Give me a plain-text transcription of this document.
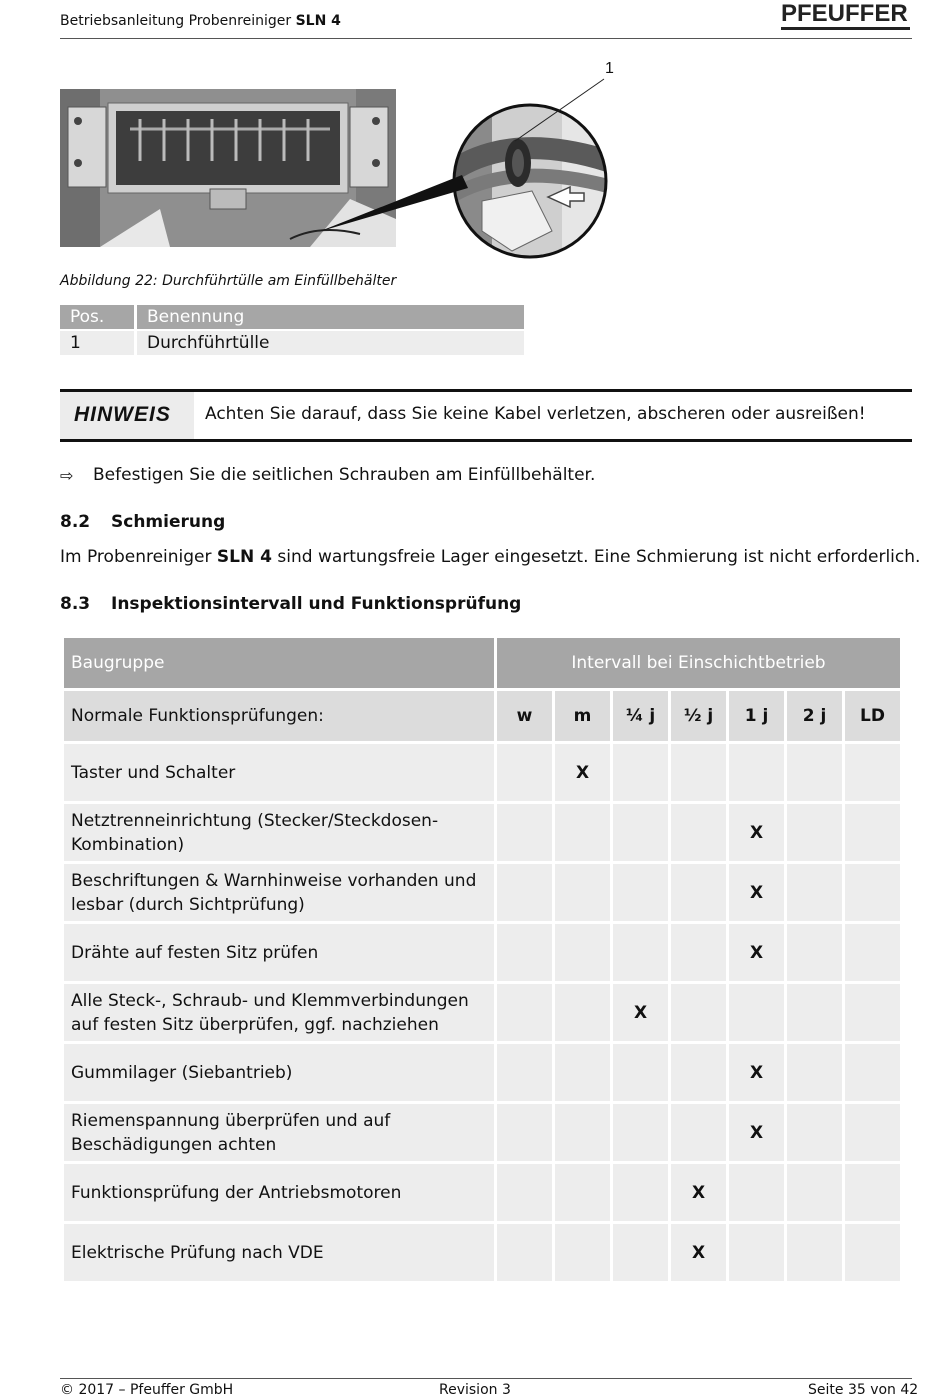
Betriebsanleitung Probenreiniger SLN 4	PFEUFFER
1
Abbildung 22: Durchführtülle am Einfüllbehälter
Pos.	Benennung
1	Durchführtülle
HINWEIS Achten Sie darauf, dass Sie keine Kabel verletzen, abscheren oder ausreißen!
⇨ Befestigen Sie die seitlichen Schrauben am Einfüllbehälter.
8.2 Schmierung
Im Probenreiniger SLN 4 sind wartungsfreie Lager eingesetzt. Eine Schmierung ist nicht erforderlich.
8.3 Inspektionsintervall und Funktionsprüfung
Baugruppe	Intervall bei Einschichtbetrieb						
Normale Funktionsprüfungen:	w	m	¼ j	½ j	1 j	2 j	LD
Taster und Schalter		X					
Netztrenneinrichtung (Stecker/Steckdosen-Kombination)					X		
Beschriftungen & Warnhinweise vorhanden und lesbar (durch Sichtprüfung)					X		
Drähte auf festen Sitz prüfen					X		
Alle Steck-, Schraub- und Klemmverbindungen auf festen Sitz überprüfen, ggf. nachziehen			X				
Gummilager (Siebantrieb)					X		
Riemenspannung überprüfen und auf Beschädigungen achten					X		
Funktionsprüfung der Antriebsmotoren				X			
Elektrische Prüfung nach VDE				X			
© 2017 – Pfeuffer GmbH	Revision 3	Seite 35 von 42
